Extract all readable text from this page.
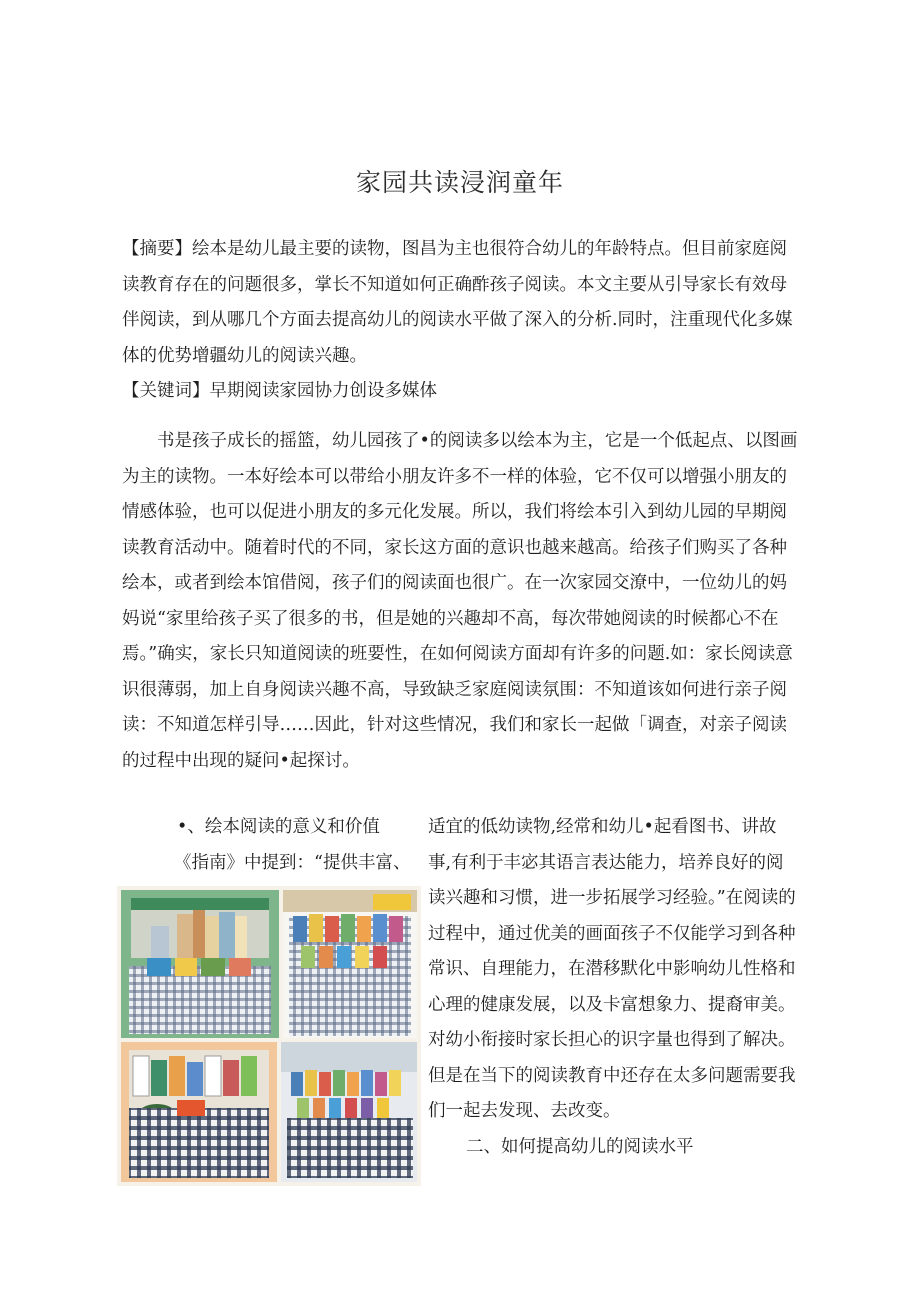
家园共读浸润童年

【摘要】绘本是幼儿最主要的读物，图昌为主也很符合幼儿的年龄特点。但目前家庭阅读教育存在的问题很多，掌长不知道如何正确酢孩子阅读。本文主要从引导家长有效母伴阅读，到从哪几个方面去提高幼儿的阅读水平做了深入的分析.同时，注重现代化多媒体的优势增疆幼儿的阅读兴趣。

【关键词】早期阅读家园协力创设多媒体

书是孩子成长的摇篮，幼儿园孩了•的阅读多以绘本为主，它是一个低起点、以图画为主的读物。一本好绘本可以带给小朋友许多不一样的体验，它不仅可以增强小朋友的情感体验，也可以促进小朋友的多元化发展。所以，我们将绘本引入到幼儿园的早期阅读教育活动中。随着时代的不同，家长这方面的意识也越来越高。给孩子们购买了各种绘本，或者到绘本馆借阅，孩子们的阅读面也很广。在一次家园交潦中，一位幼儿的妈妈说“家里给孩子买了很多的书，但是她的兴趣却不高，每次带她阅读的时候都心不在焉。”确实，家长只知道阅读的班要性，在如何阅读方面却有许多的问题.如：家长阅读意识很薄弱，加上自身阅读兴趣不高，导致缺乏家庭阅读氛围：不知道该如何进行亲子阅读：不知道怎样引导……因此，针对这些情况，我们和家长一起做「调查，对亲子阅读的过程中出现的疑问•起探讨。

•、绘本阅读的意义和价值

《指南》中提到：“提供丰富、

适宜的低幼读物,经常和幼儿•起看图书、讲故事,有利于丰宓其语言表达能力，培养良好的阅读兴趣和习惯，进一步拓展学习经验。”在阅读的过程中，通过优美的画面孩子不仅能学习到各种常识、自理能力，在潜移默化中影响幼儿性格和心理的健康发展，以及卡富想象力、提裔审美。对幼小衔接时家长担心的识字量也得到了解决。但是在当下的阅读教育中还存在太多问题需要我们一起去发现、去改变。

二、如何提高幼儿的阅读水平
